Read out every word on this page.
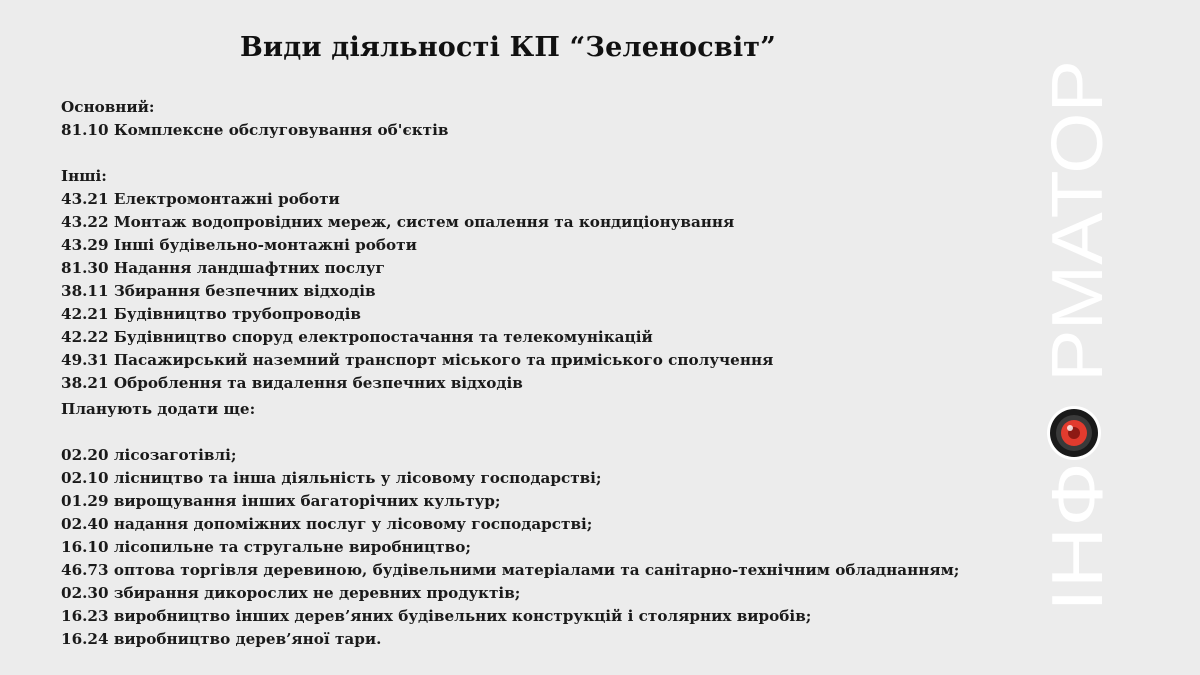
Види діяльності КП “Зеленосвіт”
Основний:
81.10 Комплексне обслуговування об'єктів
Інші:
43.21 Електромонтажні роботи
43.22 Монтаж водопровідних мереж, систем опалення та кондиціонування
43.29 Інші будівельно-монтажні роботи
81.30 Надання ландшафтних послуг
38.11 Збирання безпечних відходів
42.21 Будівництво трубопроводів
42.22 Будівництво споруд електропостачання та телекомунікацій
49.31 Пасажирський наземний транспорт міського та приміського сполучення
38.21 Оброблення та видалення безпечних відходів
Планують додати ще:
02.20 лісозаготівлі;
02.10 лісництво та інша діяльність у лісовому господарстві;
01.29 вирощування інших багаторічних культур;
02.40 надання допоміжних послуг у лісовому господарстві;
16.10 лісопильне та стругальне виробництво;
46.73 оптова торгівля деревиною, будівельними матеріалами та санітарно-технічним обладнанням;
02.30 збирання дикорослих не деревних продуктів;
16.23 виробництво інших дерев’яних будівельних конструкцій і столярних виробів;
16.24 виробництво дерев’яної тари.
РМАТОР
ІНФ
